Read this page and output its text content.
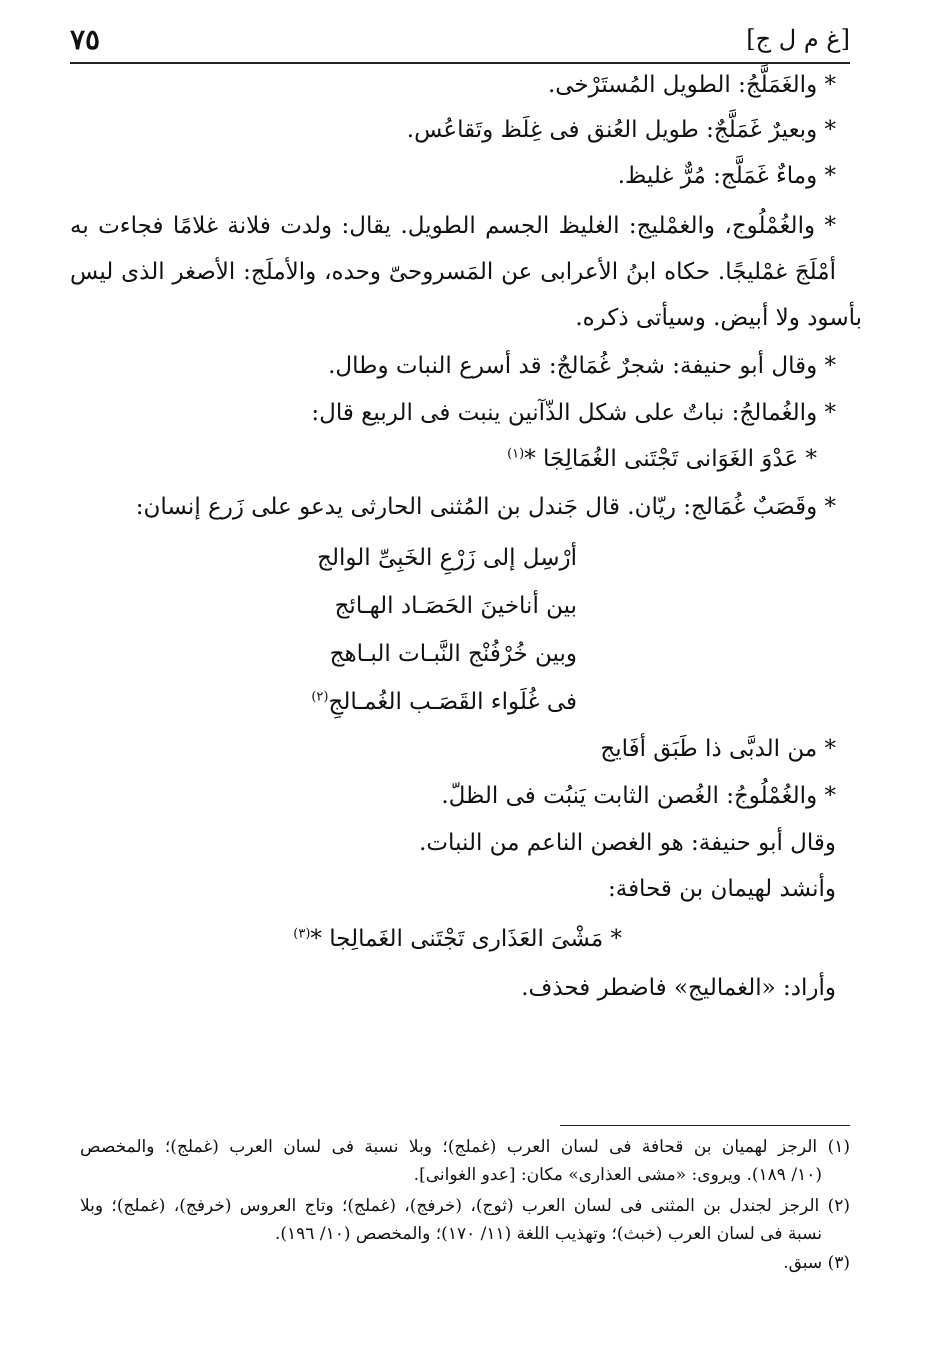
٧٥	[غ م ل ج]
* والغَمَلَّجُ: الطويل المُستَرْخى.
* وبعيرٌ غَمَلَّجٌ: طويل العُنق فى غِلَظ وتَقاعُس.
* وماءٌ غَمَلَّج: مُرٌّ غليظ.
* والغُمْلُوج، والغمْليج: الغليظ الجسم الطويل. يقال: ولدت فلانة غلامًا فجاءت به
أمْلَجَ غمْليجًا. حكاه ابنُ الأعرابى عن المَسروحىّ وحده، والأملَج: الأصغر الذى ليس
بأسود ولا أبيض. وسيأتى ذكره.
* وقال أبو حنيفة: شجرٌ غُمَالجٌ: قد أسرع النبات وطال.
* والغُمالجُ: نباتٌ على شكل الذّآنين ينبت فى الربيع قال:
* عَدْوَ الغَوَانى تَجْتَنى الغُمَالِجَا *$^{(١)}$
* وقَصَبٌ غُمَالج: ريّان. قال جَندل بن المُثنى الحارثى يدعو على زَرع إنسان:
أرْسِل إلى زَرْعِ الخَبِىِّ الوالج
بين أناخينَ الحَصَـاد الهـائج
وبين خُرْفُنْج النَّبـات البـاهج
فى غُلَواء القَصَـب الغُمـالجِ$^{(٢)}$
* من الدبَّى ذا طَبَق أفَايج
* والغُمْلُوجُ: الغُصن الثابت يَنبُت فى الظلّ.
وقال أبو حنيفة: هو الغصن الناعم من النبات.
وأنشد لهيمان بن قحافة:
* مَشْىَ العَذَارى تَجْتَنى الغَمالِجا *$^{(٣)}$
وأراد: «الغماليج» فاضطر فحذف.
(١) الرجز لهميان بن قحافة فى لسان العرب (غملج)؛ وبلا نسبة فى لسان العرب (غملج)؛ والمخصص
(١٠/ ١٨٩). ويروى: «مشى العذارى» مكان: [عدو الغوانى].
(٢) الرجز لجندل بن المثنى فى لسان العرب (ثوج)، (خرفج)، (غملج)؛ وتاج العروس (خرفج)، (غملج)؛ وبلا
نسبة فى لسان العرب (خبث)؛ وتهذيب اللغة (١١/ ١٧٠)؛ والمخصص (١٠/ ١٩٦).
(٣) سبق.
